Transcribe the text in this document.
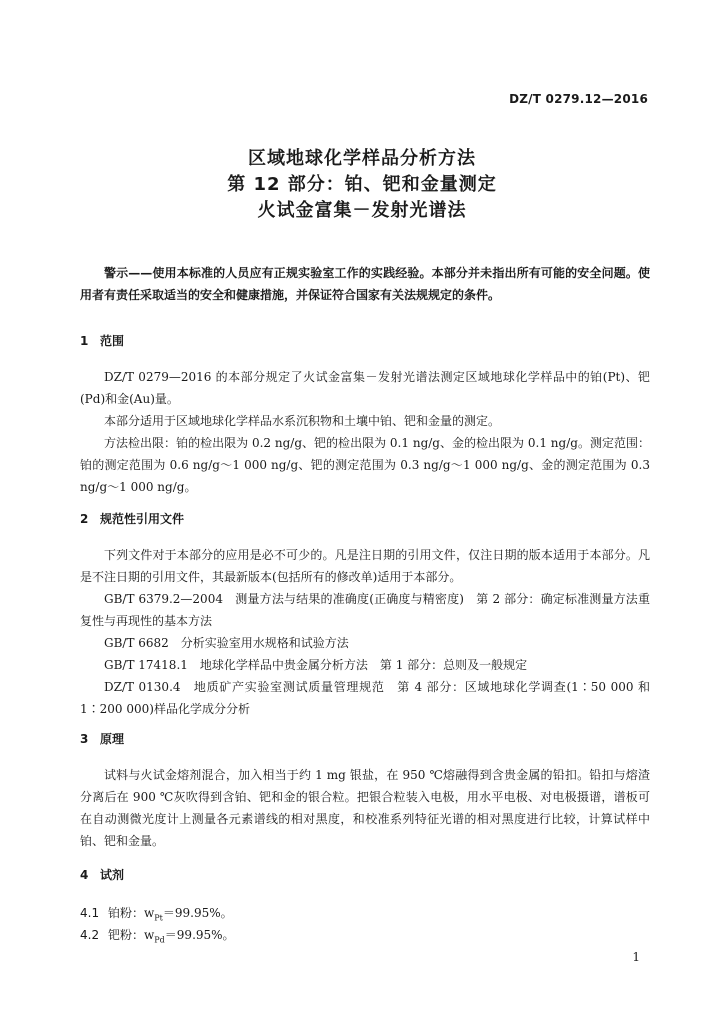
DZ/T 0279.12—2016
区域地球化学样品分析方法
第 12 部分：铂、钯和金量测定
火试金富集－发射光谱法

警示——使用本标准的人员应有正规实验室工作的实践经验。本部分并未指出所有可能的安全问题。使用者有责任采取适当的安全和健康措施，并保证符合国家有关法规规定的条件。

1 范围

DZ/T 0279—2016 的本部分规定了火试金富集－发射光谱法测定区域地球化学样品中的铂(Pt)、钯(Pd)和金(Au)量。

本部分适用于区域地球化学样品水系沉积物和土壤中铂、钯和金量的测定。

方法检出限：铂的检出限为 0.2 ng/g、钯的检出限为 0.1 ng/g、金的检出限为 0.1 ng/g。测定范围：铂的测定范围为 0.6 ng/g～1 000 ng/g、钯的测定范围为 0.3 ng/g～1 000 ng/g、金的测定范围为 0.3 ng/g～1 000 ng/g。

2 规范性引用文件

下列文件对于本部分的应用是必不可少的。凡是注日期的引用文件，仅注日期的版本适用于本部分。凡是不注日期的引用文件，其最新版本(包括所有的修改单)适用于本部分。

GB/T 6379.2—2004　测量方法与结果的准确度(正确度与精密度)　第 2 部分：确定标准测量方法重复性与再现性的基本方法

GB/T 6682　分析实验室用水规格和试验方法

GB/T 17418.1　地球化学样品中贵金属分析方法　第 1 部分：总则及一般规定

DZ/T 0130.4　地质矿产实验室测试质量管理规范　第 4 部分：区域地球化学调查(1∶50 000 和 1∶200 000)样品化学成分分析

3 原理

试料与火试金熔剂混合，加入相当于约 1 mg 银盐，在 950 ℃熔融得到含贵金属的铅扣。铅扣与熔渣分离后在 900 ℃灰吹得到含铂、钯和金的银合粒。把银合粒装入电极，用水平电极、对电极摄谱，谱板可在自动测微光度计上测量各元素谱线的相对黑度，和校准系列特征光谱的相对黑度进行比较，计算试样中铂、钯和金量。

4 试剂
4.1 铂粉：$w_{Pt}=99.95\%$。
4.2 钯粉：$w_{Pd}=99.95\%$。
1
